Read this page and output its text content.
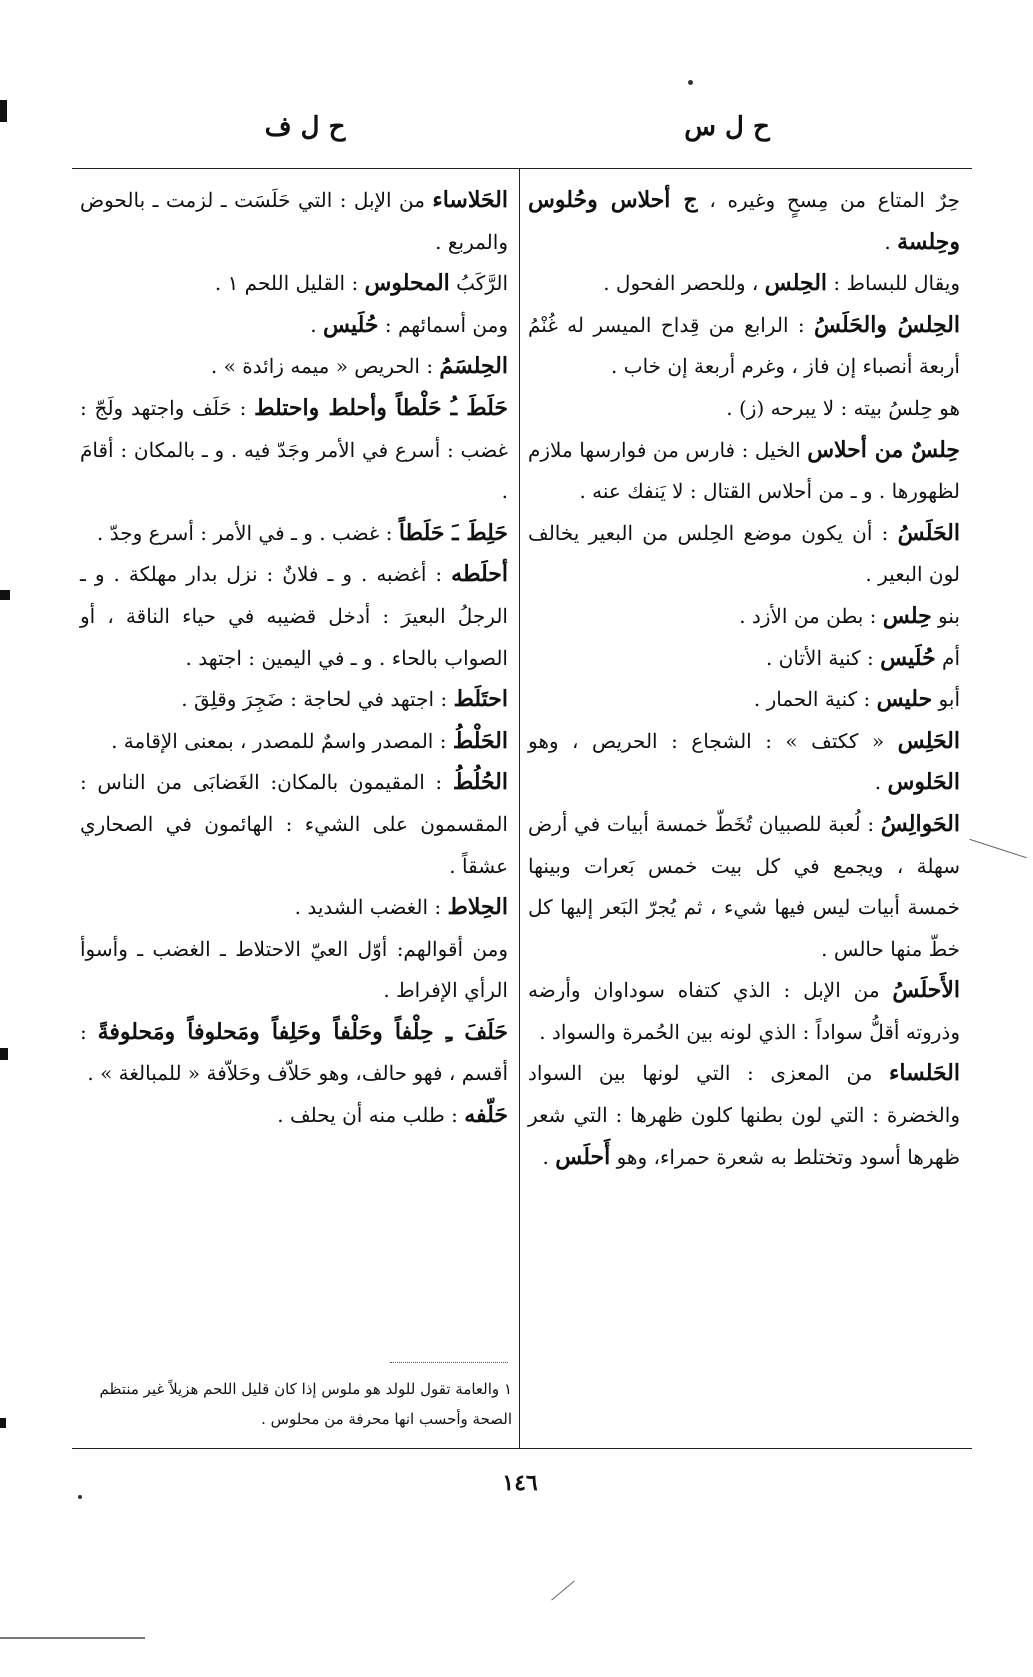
ح ل س
ح ل ف
حِرٌ المتاع من مِسحٍ وغيره ، ج أحلاس وحُلوس وحِلسة .
ويقال للبساط : الحِلس ، وللحصر الفحول .
الحِلسُ والحَلَسُ : الرابع من قِداح الميسر له غُنْمُ أربعة أنصباء إن فاز ، وغرم أربعة إن خاب .
هو حِلسُ بيته : لا يبرحه (ز) .
حِلسٌ من أحلاس الخيل : فارس من فوارسها ملازم لظهورها . و ـ من أحلاس القتال : لا يَنفك عنه .
الحَلَسُ : أن يكون موضع الحِلس من البعير يخالف لون البعير .
بنو حِلس : بطن من الأزد .
أم حُلَيس : كنية الأتان .
أبو حليس : كنية الحمار .
الحَلِس « ككتف » : الشجاع : الحريص ، وهو الحَلوس .
الحَوالِسُ : لُعبة للصبيان تُخَطّ خمسة أبيات في أرض سهلة ، ويجمع في كل بيت خمس بَعرات وبينها خمسة أبيات ليس فيها شيء ، ثم يُجرّ البَعر إليها كل خطّ منها حالس .
الأَحلَسُ من الإبل : الذي كتفاه سوداوان وأرضه وذروته أقلُّ سواداً : الذي لونه بين الحُمرة والسواد .
الحَلساء من المعزى : التي لونها بين السواد والخضرة : التي لون بطنها كلون ظهرها : التي شعر ظهرها أسود وتختلط به شعرة حمراء، وهو أَحلَس .
الحَلاساء من الإبل : التي حَلَسَت ـ لزمت ـ بالحوض والمربع .
الرَّكَبُ المحلوس : القليل اللحم ١ .
ومن أسمائهم : حُلَيس .
الحِلسَمُ : الحريص « ميمه زائدة » .
حَلَطَ ـُ حَلْطاً وأحلط واحتلط : حَلَف واجتهد ولَجّ : غضب : أسرع في الأمر وجَدّ فيه . و ـ بالمكان : أقامَ .
حَلِطَ ـَ حَلَطاً : غضب . و ـ في الأمر : أسرع وجدّ .
أحلَطه : أغضبه . و ـ فلانٌ : نزل بدار مهلكة . و ـ الرجلُ البعيرَ : أدخل قضيبه في حياء الناقة ، أو الصواب بالحاء . و ـ في اليمين : اجتهد .
احتَلَط : اجتهد في لحاجة : ضَجِرَ وقلِقَ .
الحَلْطُ : المصدر واسمٌ للمصدر ، بمعنى الإقامة .
الحُلُطُ : المقيمون بالمكان: الغَضابَى من الناس : المقسمون على الشيء : الهائمون في الصحاري عشقاً .
الحِلاط : الغضب الشديد .
ومن أقوالهم: أوّل العيّ الاحتلاط ـ الغضب ـ وأسوأ الرأي الإفراط .
حَلَفَ ـِ حِلْفاً وحَلْفاً وحَلِفاً ومَحلوفاً ومَحلوفةً : أقسم ، فهو حالف، وهو حَلاّف وحَلاّفة « للمبالغة » .
حَلّفه : طلب منه أن يحلف .
١ والعامة تقول للولد هو ملوس إذا كان قليل اللحم هزيلاً غير منتظم الصحة وأحسب انها محرفة من محلوس .
١٤٦
